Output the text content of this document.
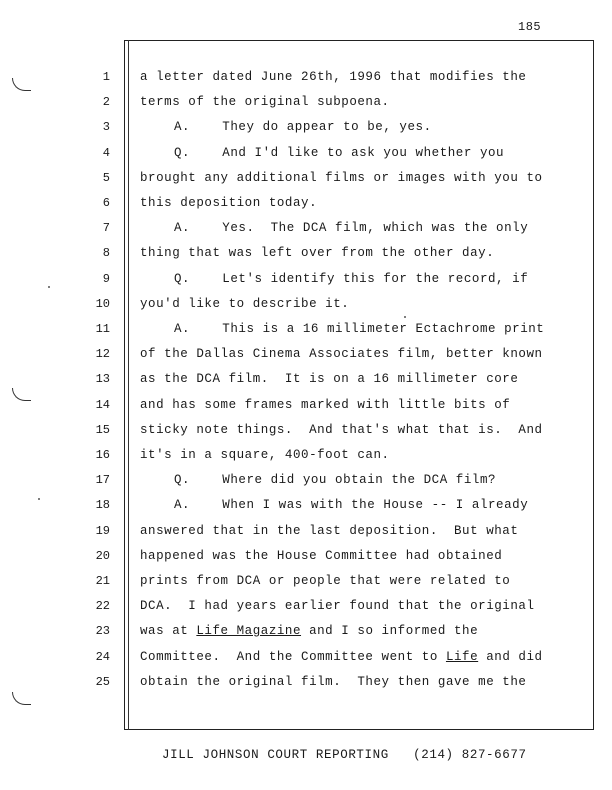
185
1 a letter dated June 26th, 1996 that modifies the
2 terms of the original subpoena.
3	A.    They do appear to be, yes.
4	Q.    And I'd like to ask you whether you
5 brought any additional films or images with you to
6 this deposition today.
7	A.    Yes.  The DCA film, which was the only
8 thing that was left over from the other day.
9	Q.    Let's identify this for the record, if
10 you'd like to describe it.
11	A.    This is a 16 millimeter Ectachrome print
12 of the Dallas Cinema Associates film, better known
13 as the DCA film.  It is on a 16 millimeter core
14 and has some frames marked with little bits of
15 sticky note things.  And that's what that is.  And
16 it's in a square, 400-foot can.
17	Q.    Where did you obtain the DCA film?
18	A.    When I was with the House -- I already
19 answered that in the last deposition.  But what
20 happened was the House Committee had obtained
21 prints from DCA or people that were related to
22 DCA.  I had years earlier found that the original
23 was at Life Magazine and I so informed the
24 Committee.  And the Committee went to Life and did
25 obtain the original film.  They then gave me the
JILL JOHNSON COURT REPORTING   (214) 827-6677
